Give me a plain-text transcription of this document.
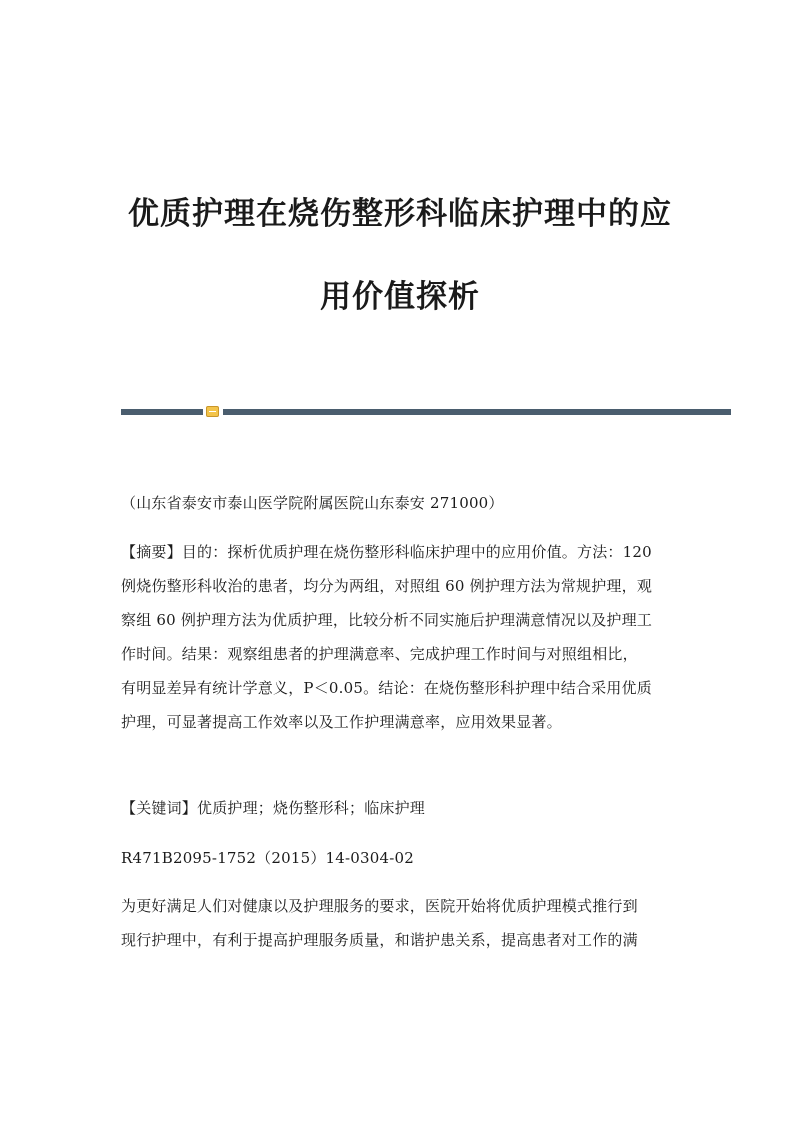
优质护理在烧伤整形科临床护理中的应
用价值探析
（山东省泰安市泰山医学院附属医院山东泰安 271000）
【摘要】目的：探析优质护理在烧伤整形科临床护理中的应用价值。方法：120
例烧伤整形科收治的患者，均分为两组，对照组 60 例护理方法为常规护理，观
察组 60 例护理方法为优质护理，比较分析不同实施后护理满意情况以及护理工
作时间。结果：观察组患者的护理满意率、完成护理工作时间与对照组相比，
有明显差异有统计学意义，P＜0.05。结论：在烧伤整形科护理中结合采用优质
护理，可显著提高工作效率以及工作护理满意率，应用效果显著。
【关键词】优质护理；烧伤整形科；临床护理
R471B2095-1752（2015）14-0304-02
为更好满足人们对健康以及护理服务的要求，医院开始将优质护理模式推行到
现行护理中，有利于提高护理服务质量，和谐护患关系，提高患者对工作的满
